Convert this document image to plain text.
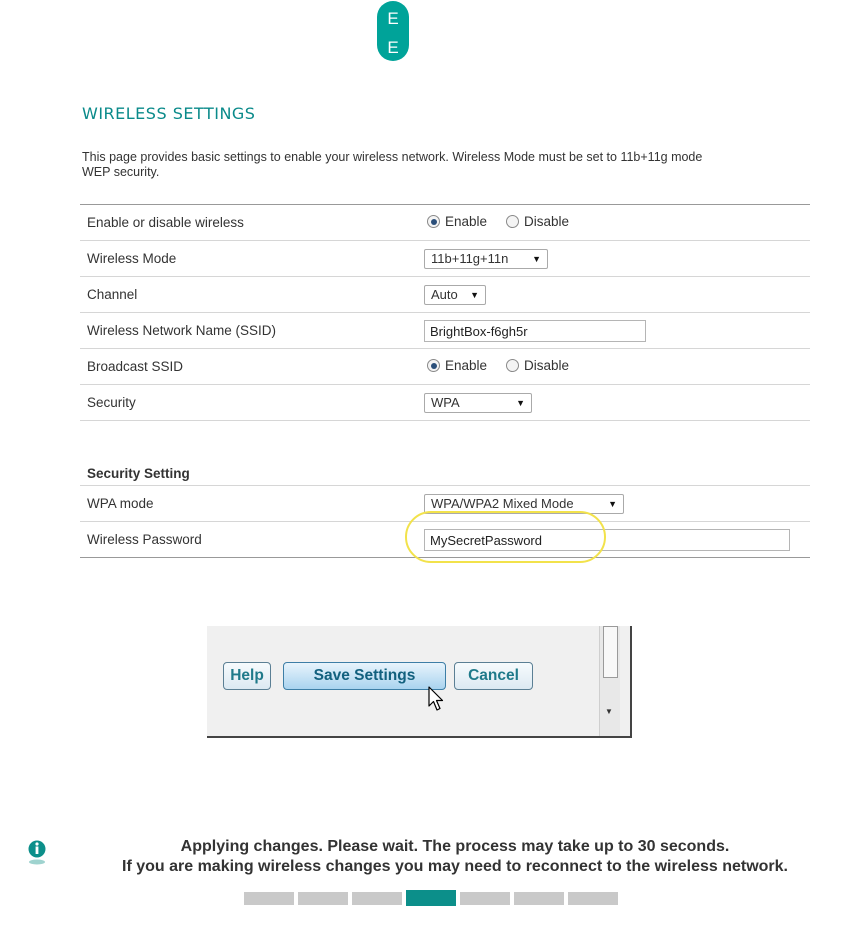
E
E
WIRELESS SETTINGS
This page provides basic settings to enable your wireless network. Wireless Mode must be set to 11b+11g mode
WEP security.
Enable or disable wireless	Enable Disable

Wireless Mode	11b+11g+11n ▼

Channel	Auto ▼

Wireless Network Name (SSID)	BrightBox-f6gh5r
Broadcast SSID	Enable Disable

Security	WPA ▼
Security Setting	
WPA mode	WPA/WPA2 Mixed Mode ▼

Wireless Password	MySecretPassword
Help	Save Settings	Cancel
▼
Applying changes. Please wait. The process may take up to 30 seconds.
If you are making wireless changes you may need to reconnect to the wireless network.
